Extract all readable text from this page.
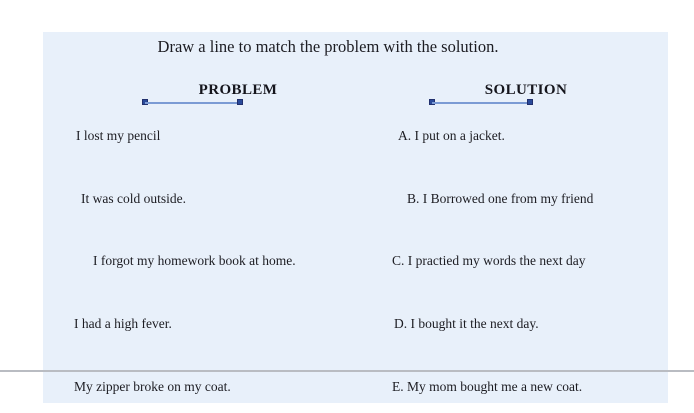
Draw a line to match the problem with the solution.
PROBLEM	SOLUTION
I lost my pencil
It was cold outside.
I forgot my homework book at home.
I had a high fever.
My zipper broke on my coat.
A. I put on a jacket.
B. I Borrowed one from my friend
C. I practied my words the next day
D. I bought it the next day.
E. My mom bought me a new coat.
